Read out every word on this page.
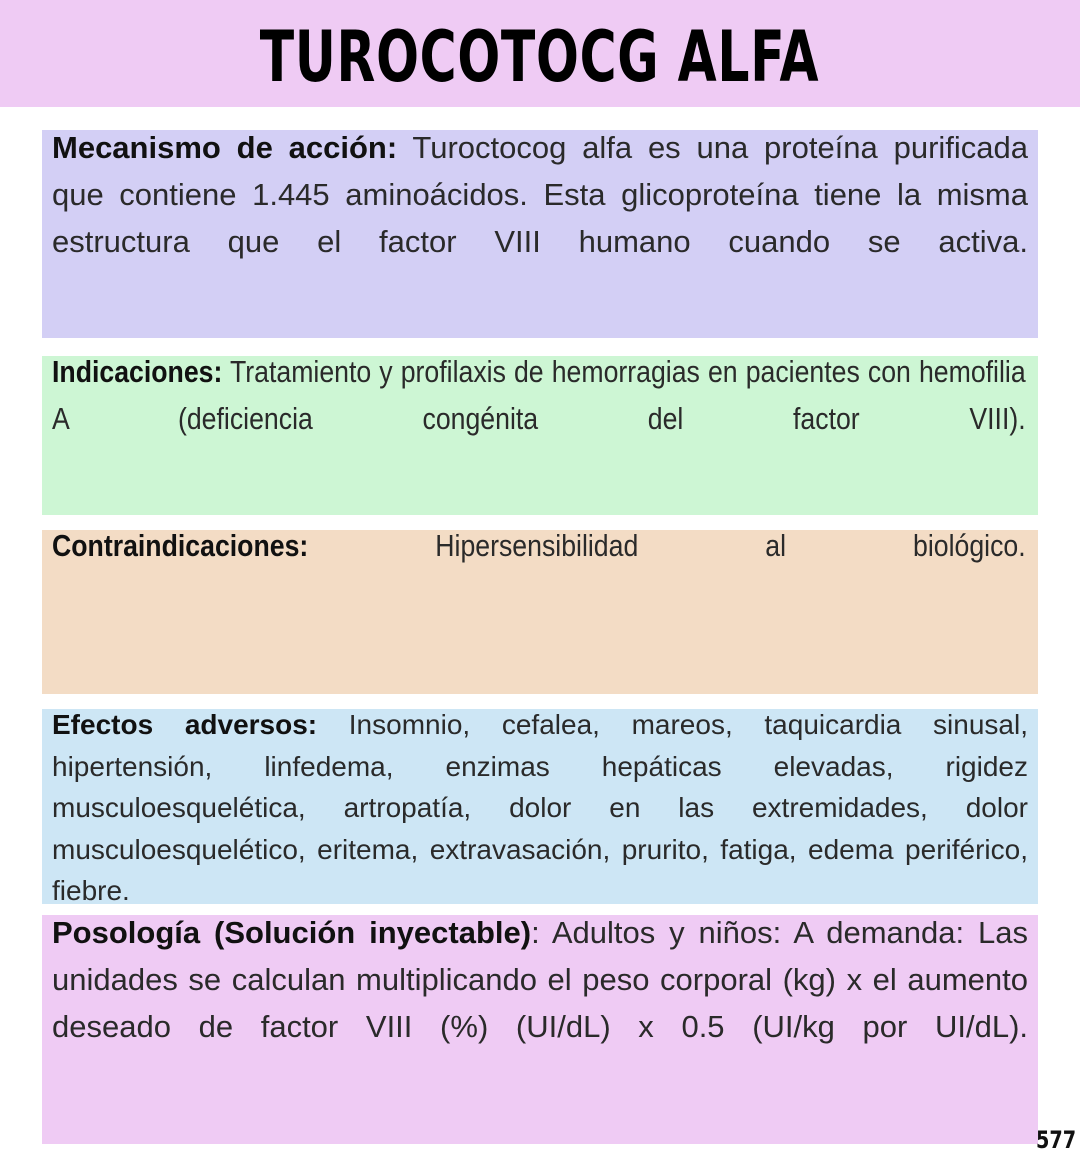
TUROCOTOCG ALFA

Mecanismo de acción: Turoctocog alfa es una proteína purificada que contiene 1.445 aminoácidos. Esta glicoproteína tiene la misma estructura que el factor VIII humano cuando se activa.

Indicaciones: Tratamiento y profilaxis de hemorragias en pacientes con hemofilia A (deficiencia congénita del factor VIII).

Contraindicaciones: Hipersensibilidad al biológico.

Efectos adversos: Insomnio, cefalea, mareos, taquicardia sinusal, hipertensión, linfedema, enzimas hepáticas elevadas, rigidez musculoesquelética, artropatía, dolor en las extremidades, dolor musculoesquelético, eritema, extravasación, prurito, fatiga, edema periférico, fiebre.

Posología (Solución inyectable): Adultos y niños: A demanda: Las unidades se calculan multiplicando el peso corporal (kg) x el aumento deseado de factor VIII (%) (UI/dL) x 0.5 (UI/kg por UI/dL).

577
